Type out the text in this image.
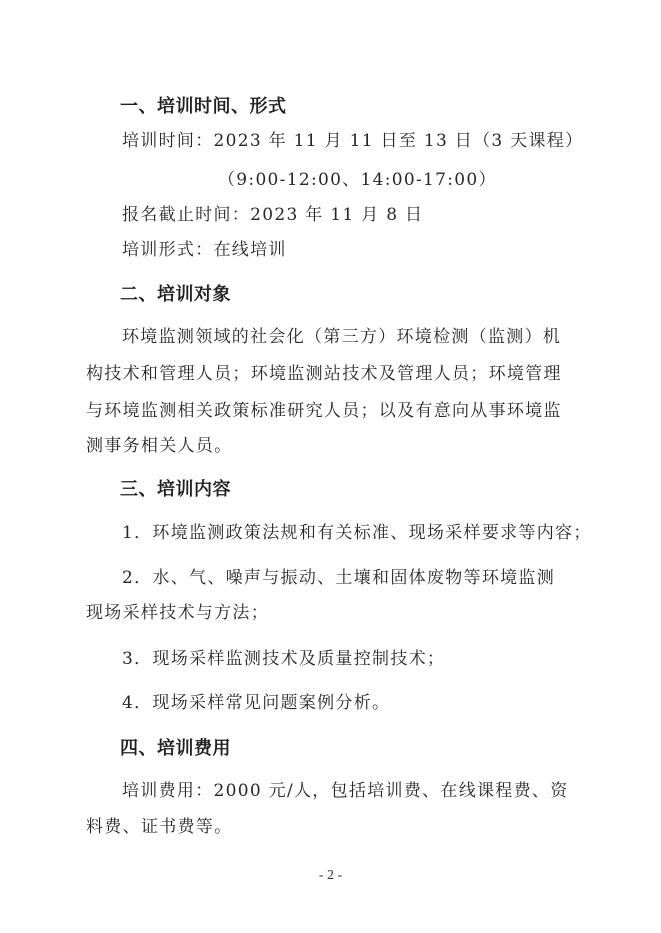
一、培训时间、形式
培训时间：2023 年 11 月 11 日至 13 日（3 天课程）
（9:00-12:00、14:00-17:00）
报名截止时间：2023 年 11 月 8 日
培训形式：在线培训
二、培训对象
环境监测领域的社会化（第三方）环境检测（监测）机
构技术和管理人员；环境监测站技术及管理人员；环境管理
与环境监测相关政策标准研究人员；以及有意向从事环境监
测事务相关人员。
三、培训内容
1．环境监测政策法规和有关标准、现场采样要求等内容；
2．水、气、噪声与振动、土壤和固体废物等环境监测
现场采样技术与方法；
3．现场采样监测技术及质量控制技术；
4．现场采样常见问题案例分析。
四、培训费用
培训费用：2000 元/人，包括培训费、在线课程费、资
料费、证书费等。
- 2 -
